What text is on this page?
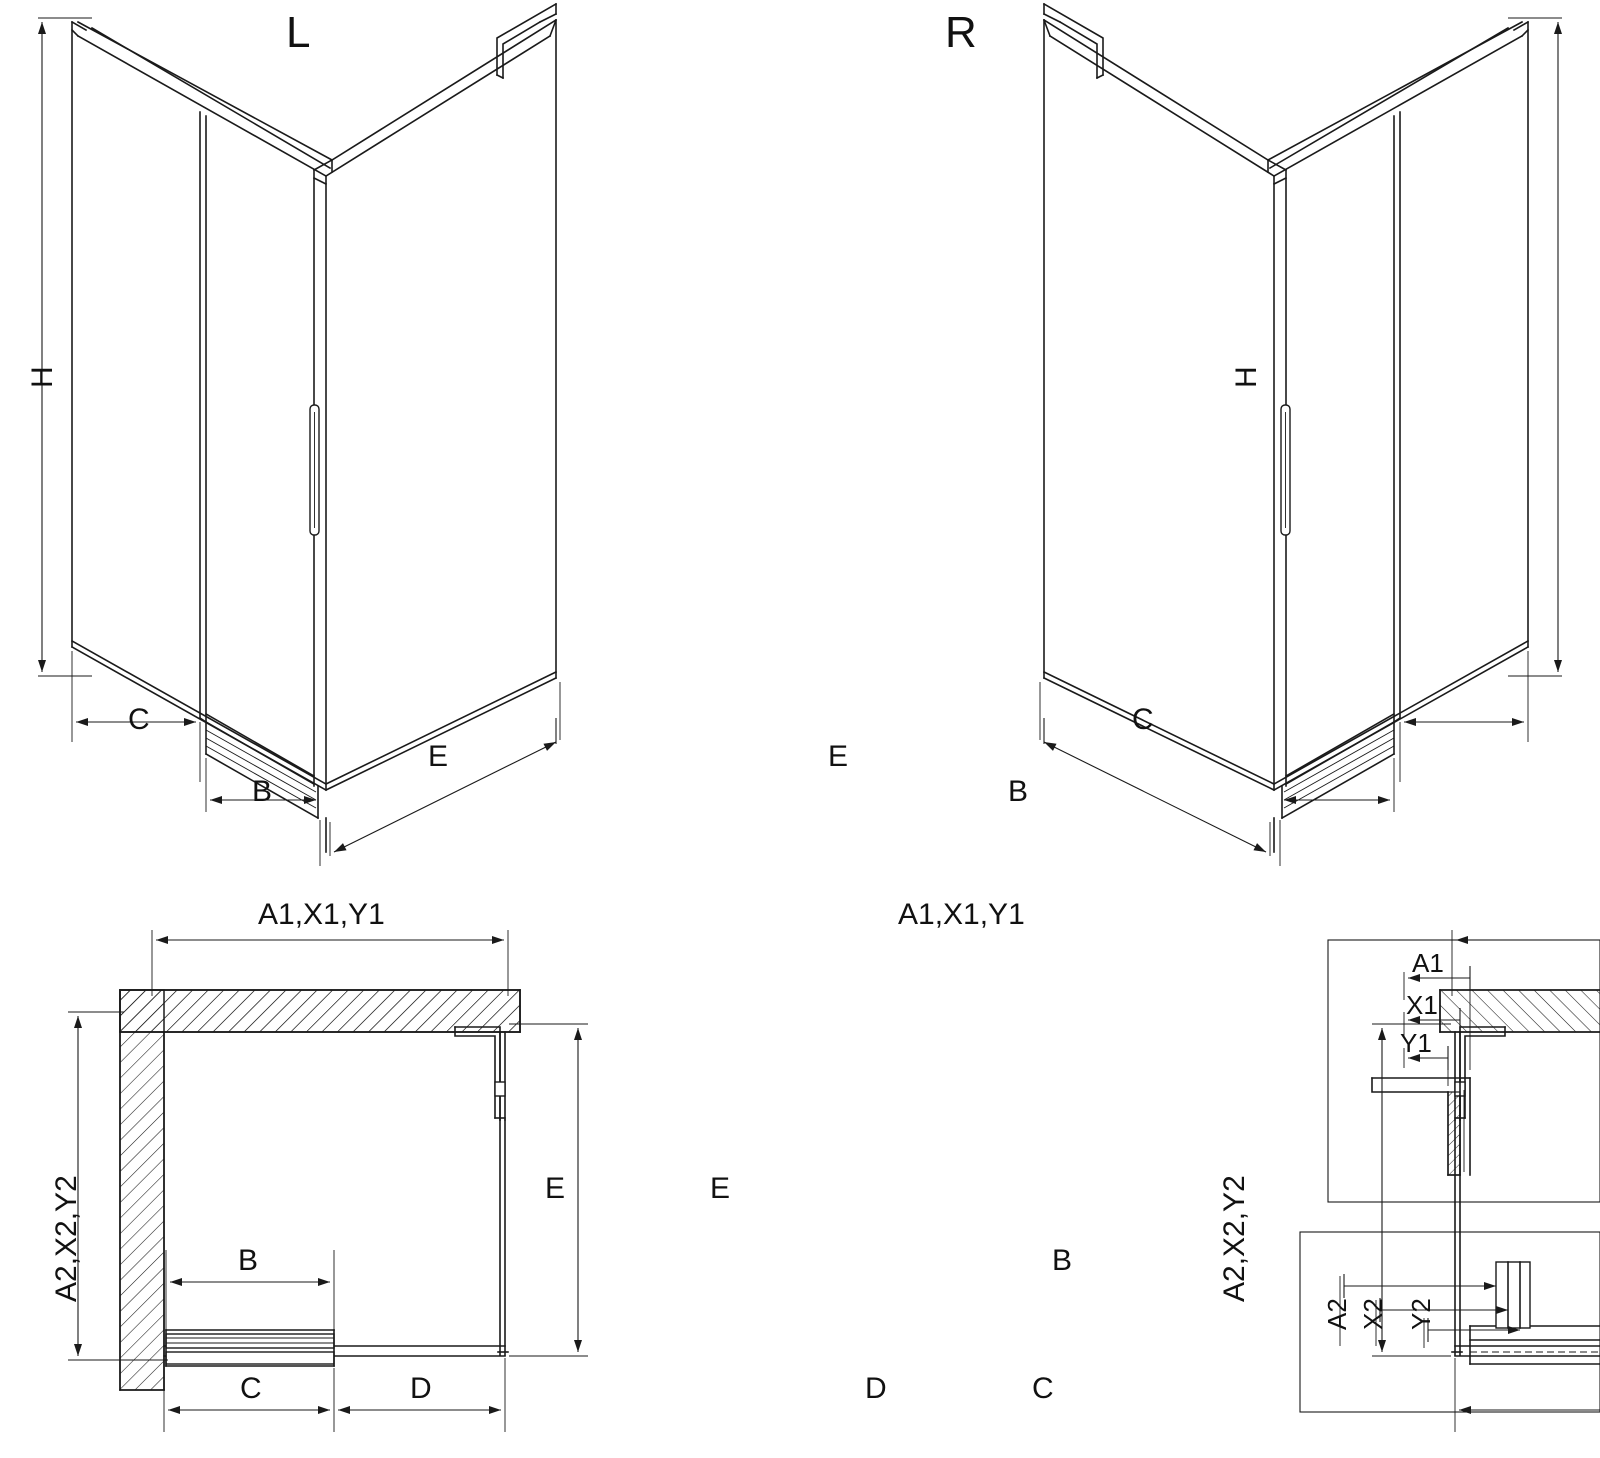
L
H
C
B
E
R
H
C
B
E
A1,X1,Y1
A2,X2,Y2	E
B
C	D
A1,X1,Y1
A2,X2,Y2
E
B
D	C
A1
X1
Y1
A2 X2 Y2
